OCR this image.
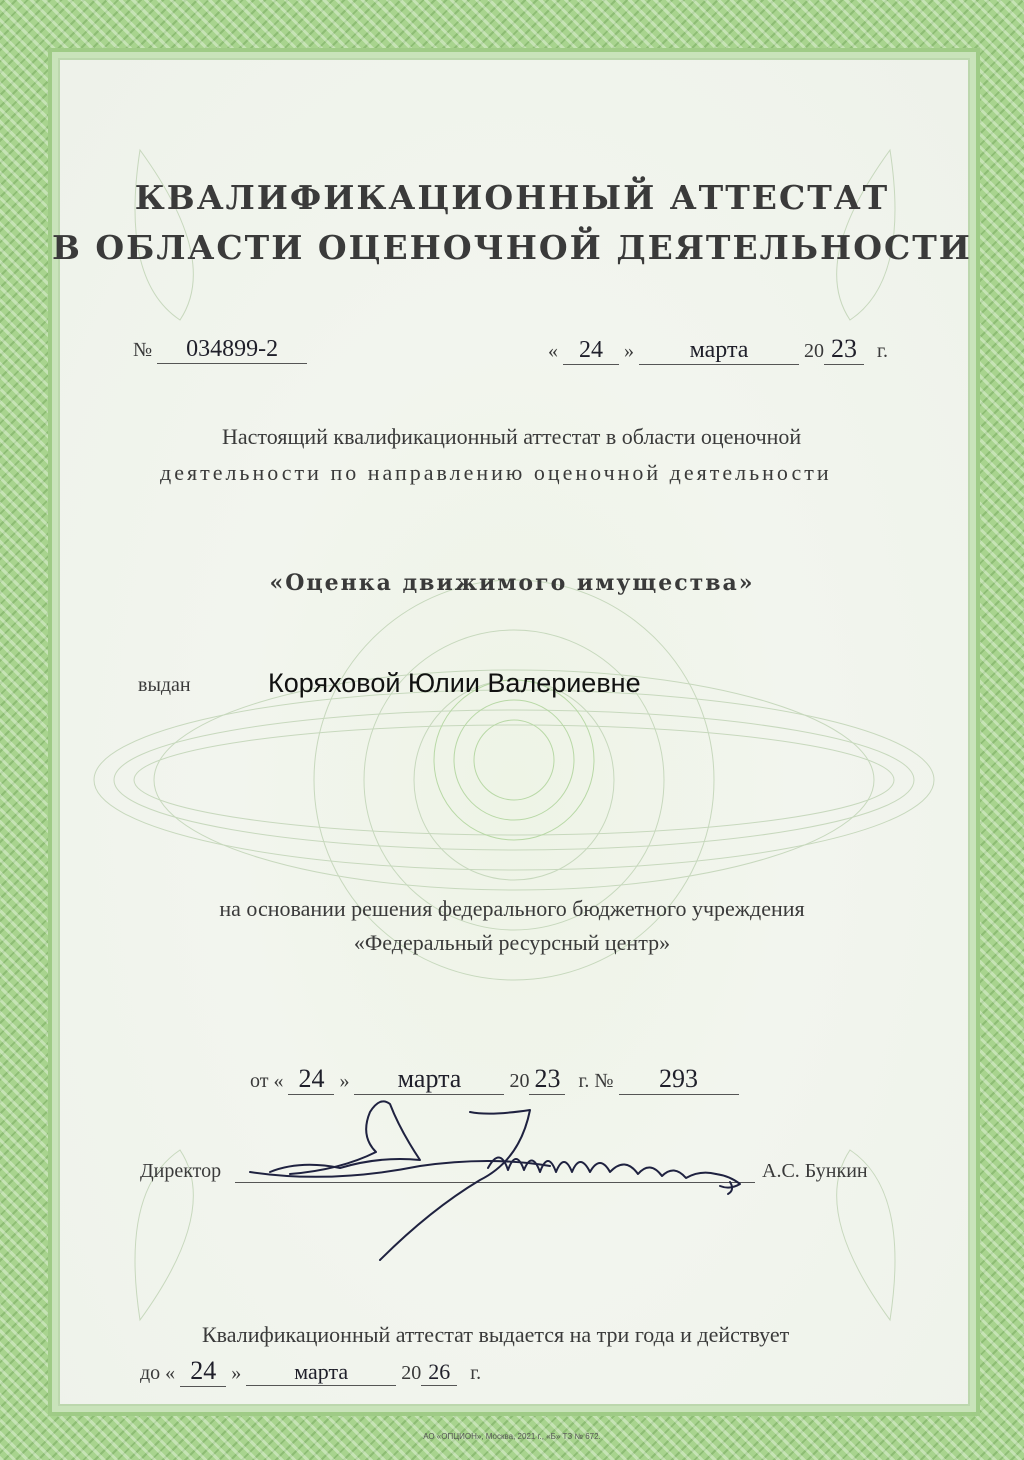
КВАЛИФИКАЦИОННЫЙ АТТЕСТАТ
В ОБЛАСТИ ОЦЕНОЧНОЙ ДЕЯТЕЛЬНОСТИ
№ 034899-2	« 24 » марта	20 23 г.
Настоящий квалификационный аттестат в области оценочной
деятельности по направлению оценочной деятельности
«Оценка движимого имущества»
выдан	Коряховой Юлии Валериевне
на основании решения федерального бюджетного учреждения
«Федеральный ресурсный центр»
от « 24 » марта 20 23 г. № 293
Директор	А.С. Бункин
Квалификационный аттестат выдается на три года и действует
до « 24 » марта	20 26 г.
АО «ОПЦИОН», Москва, 2021 г., «Б» ТЗ № 672.
